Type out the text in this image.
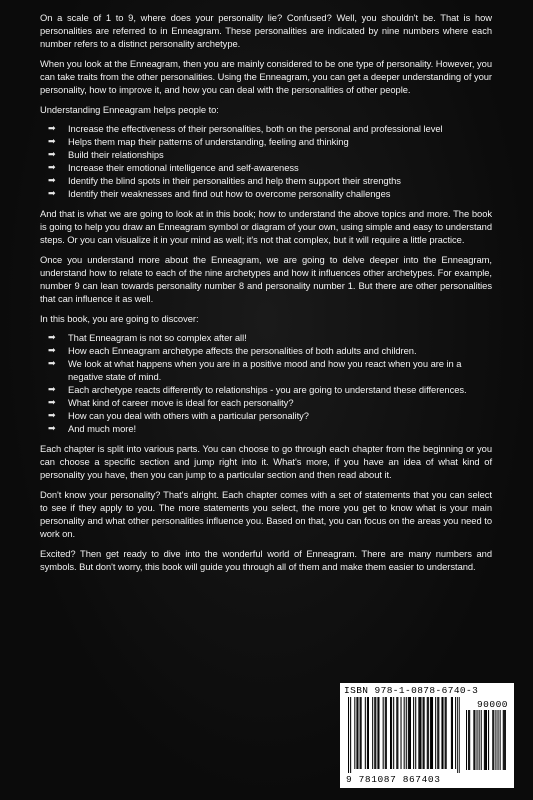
On a scale of 1 to 9, where does your personality lie? Confused? Well, you shouldn't be. That is how personalities are referred to in Enneagram. These personalities are indicated by nine numbers where each number refers to a distinct personality archetype.

When you look at the Enneagram, then you are mainly considered to be one type of personality. However, you can take traits from the other personalities. Using the Enneagram, you can get a deeper understanding of your personality, how to improve it, and how you can deal with the personalities of other people.

Understanding Enneagram helps people to:

➡ Increase the effectiveness of their personalities, both on the personal and professional level
➡ Helps them map their patterns of understanding, feeling and thinking
➡ Build their relationships
➡ Increase their emotional intelligence and self-awareness
➡ Identify the blind spots in their personalities and help them support their strengths
➡ Identify their weaknesses and find out how to overcome personality challenges

And that is what we are going to look at in this book; how to understand the above topics and more. The book is going to help you draw an Enneagram symbol or diagram of your own, using simple and easy to understand steps. Or you can visualize it in your mind as well; it's not that complex, but it will require a little practice.

Once you understand more about the Enneagram, we are going to delve deeper into the Enneagram, understand how to relate to each of the nine archetypes and how it influences other archetypes. For example, number 9 can lean towards personality number 8 and personality number 1. But there are other personalities that can influence it as well.

In this book, you are going to discover:

➡ That Enneagram is not so complex after all!
➡ How each Enneagram archetype affects the personalities of both adults and children.
➡ We look at what happens when you are in a positive mood and how you react when you are in a negative state of mind.
➡ Each archetype reacts differently to relationships - you are going to understand these differences.
➡ What kind of career move is ideal for each personality?
➡ How can you deal with others with a particular personality?
➡ And much more!

Each chapter is split into various parts. You can choose to go through each chapter from the beginning or you can choose a specific section and jump right into it. What's more, if you have an idea of what kind of personality you have, then you can jump to a particular section and then read about it.

Don't know your personality? That's alright. Each chapter comes with a set of statements that you can select to see if they apply to you. The more statements you select, the more you get to know what is your main personality and what other personalities influence you. Based on that, you can focus on the areas you need to work on.

Excited? Then get ready to dive into the wonderful world of Enneagram. There are many numbers and symbols. But don't worry, this book will guide you through all of them and make them easier to understand.

ISBN 978-1-0878-6740-3
90000
9 781087 867403
